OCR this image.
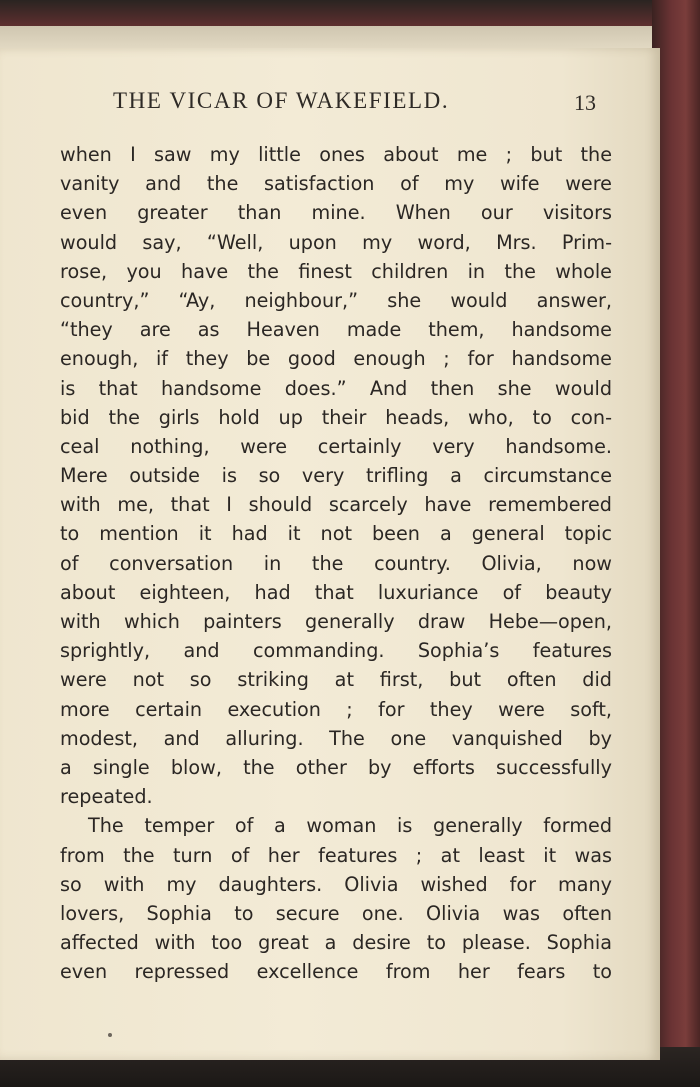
THE VICAR OF WAKEFIELD.	13
when I saw my little ones about me ; but the
vanity and the satisfaction of my wife were
even greater than mine. When our visitors
would say, “Well, upon my word, Mrs. Prim-
rose, you have the finest children in the whole
country,” “Ay, neighbour,” she would answer,
“they are as Heaven made them, handsome
enough, if they be good enough ; for handsome
is that handsome does.” And then she would
bid the girls hold up their heads, who, to con-
ceal nothing, were certainly very handsome.
Mere outside is so very trifling a circumstance
with me, that I should scarcely have remembered
to mention it had it not been a general topic
of conversation in the country. Olivia, now
about eighteen, had that luxuriance of beauty
with which painters generally draw Hebe—open,
sprightly, and commanding. Sophia’s features
were not so striking at first, but often did
more certain execution ; for they were soft,
modest, and alluring. The one vanquished by
a single blow, the other by efforts successfully
repeated.
The temper of a woman is generally formed
from the turn of her features ; at least it was
so with my daughters. Olivia wished for many
lovers, Sophia to secure one. Olivia was often
affected with too great a desire to please. Sophia
even repressed excellence from her fears to
